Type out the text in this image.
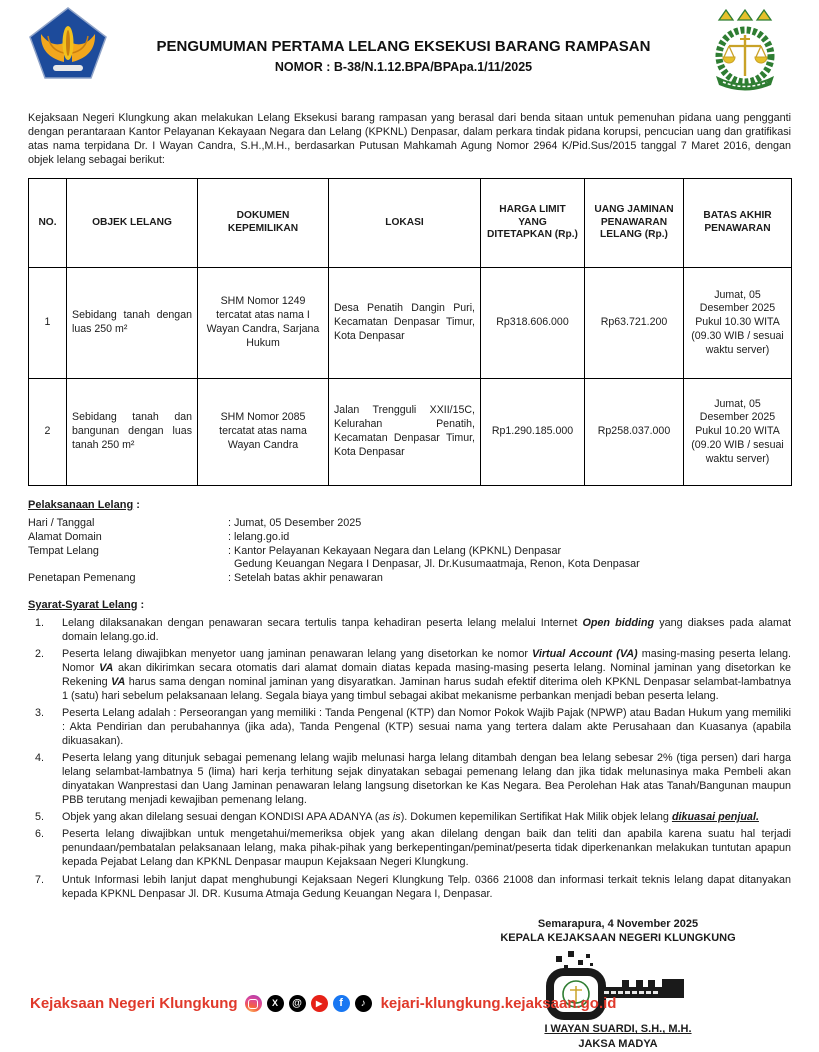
PENGUMUMAN PERTAMA LELANG EKSEKUSI BARANG RAMPASAN
NOMOR : B-38/N.1.12.BPA/BPApa.1/11/2025

Kejaksaan Negeri Klungkung akan melakukan Lelang Eksekusi barang rampasan yang berasal dari benda sitaan untuk pemenuhan pidana uang pengganti dengan perantaraan Kantor Pelayanan Kekayaan Negara dan Lelang (KPKNL) Denpasar, dalam perkara tindak pidana korupsi, pencucian uang dan gratifikasi atas nama terpidana Dr. I Wayan Candra, S.H.,M.H., berdasarkan Putusan Mahkamah Agung Nomor 2964 K/Pid.Sus/2015 tanggal 7 Maret 2016, dengan objek lelang sebagai berikut:

NO.	OBJEK LELANG	DOKUMEN KEPEMILIKAN	LOKASI	HARGA LIMIT YANG DITETAPKAN (Rp.)	UANG JAMINAN PENAWARAN LELANG (Rp.)	BATAS AKHIR PENAWARAN
1	Sebidang tanah dengan luas 250 m²	SHM Nomor 1249 tercatat atas nama I Wayan Candra, Sarjana Hukum	Desa Penatih Dangin Puri, Kecamatan Denpasar Timur, Kota Denpasar	Rp318.606.000	Rp63.721.200	Jumat, 05 Desember 2025 Pukul 10.30 WITA (09.30 WIB / sesuai waktu server)
2	Sebidang tanah dan bangunan dengan luas tanah 250 m²	SHM Nomor 2085 tercatat atas nama Wayan Candra	Jalan Trengguli XXII/15C, Kelurahan Penatih, Kecamatan Denpasar Timur, Kota Denpasar	Rp1.290.185.000	Rp258.037.000	Jumat, 05 Desember 2025 Pukul 10.20 WITA (09.20 WIB / sesuai waktu server)
Pelaksanaan Lelang :
Hari / Tanggal	: Jumat, 05 Desember 2025
Alamat Domain	: lelang.go.id
Tempat Lelang	: Kantor Pelayanan Kekayaan Negara dan Lelang (KPKNL) Denpasar
Gedung Keuangan Negara I Denpasar, Jl. Dr.Kusumaatmaja, Renon, Kota Denpasar
Penetapan Pemenang	: Setelah batas akhir penawaran
Syarat-Syarat Lelang :
Lelang dilaksanakan dengan penawaran secara tertulis tanpa kehadiran peserta lelang melalui Internet Open bidding yang diakses pada alamat domain lelang.go.id.
Peserta lelang diwajibkan menyetor uang jaminan penawaran lelang yang disetorkan ke nomor Virtual Account (VA) masing-masing peserta lelang. Nomor VA akan dikirimkan secara otomatis dari alamat domain diatas kepada masing-masing peserta lelang. Nominal jaminan yang disetorkan ke Rekening VA harus sama dengan nominal jaminan yang disyaratkan. Jaminan harus sudah efektif diterima oleh KPKNL Denpasar selambat-lambatnya 1 (satu) hari sebelum pelaksanaan lelang. Segala biaya yang timbul sebagai akibat mekanisme perbankan menjadi beban peserta lelang.
Peserta Lelang adalah : Perseorangan yang memiliki : Tanda Pengenal (KTP) dan Nomor Pokok Wajib Pajak (NPWP) atau Badan Hukum yang memiliki : Akta Pendirian dan perubahannya (jika ada), Tanda Pengenal (KTP) sesuai nama yang tertera dalam akte Perusahaan dan Kuasanya (apabila dikuasakan).
Peserta lelang yang ditunjuk sebagai pemenang lelang wajib melunasi harga lelang ditambah dengan bea lelang sebesar 2% (tiga persen) dari harga lelang selambat-lambatnya 5 (lima) hari kerja terhitung sejak dinyatakan sebagai pemenang lelang dan jika tidak melunasinya maka Pembeli akan dinyatakan Wanprestasi dan Uang Jaminan penawaran lelang langsung disetorkan ke Kas Negara. Bea Perolehan Hak atas Tanah/Bangunan maupun PBB terutang menjadi kewajiban pemenang lelang.
Objek yang akan dilelang sesuai dengan KONDISI APA ADANYA (as is). Dokumen kepemilikan Sertifikat Hak Milik objek lelang dikuasai penjual.
Peserta lelang diwajibkan untuk mengetahui/memeriksa objek yang akan dilelang dengan baik dan teliti dan apabila karena suatu hal terjadi penundaan/pembatalan pelaksanaan lelang, maka pihak-pihak yang berkepentingan/peminat/peserta tidak diperkenankan melakukan tuntutan apapun kepada Pejabat Lelang dan KPKNL Denpasar maupun Kejaksaan Negeri Klungkung.
Untuk Informasi lebih lanjut dapat menghubungi Kejaksaan Negeri Klungkung Telp. 0366 21008 dan informasi terkait teknis lelang dapat ditanyakan kepada KPKNL Denpasar Jl. DR. Kusuma Atmaja Gedung Keuangan Negara I, Denpasar.
Semarapura, 4 November 2025
KEPALA KEJAKSAAN NEGERI KLUNGKUNG
I WAYAN SUARDI, S.H., M.H.
JAKSA MADYA
Kejaksaan Negeri Klungkung	X	@	▶	f	♪	kejari-klungkung.kejaksaan.go.id
